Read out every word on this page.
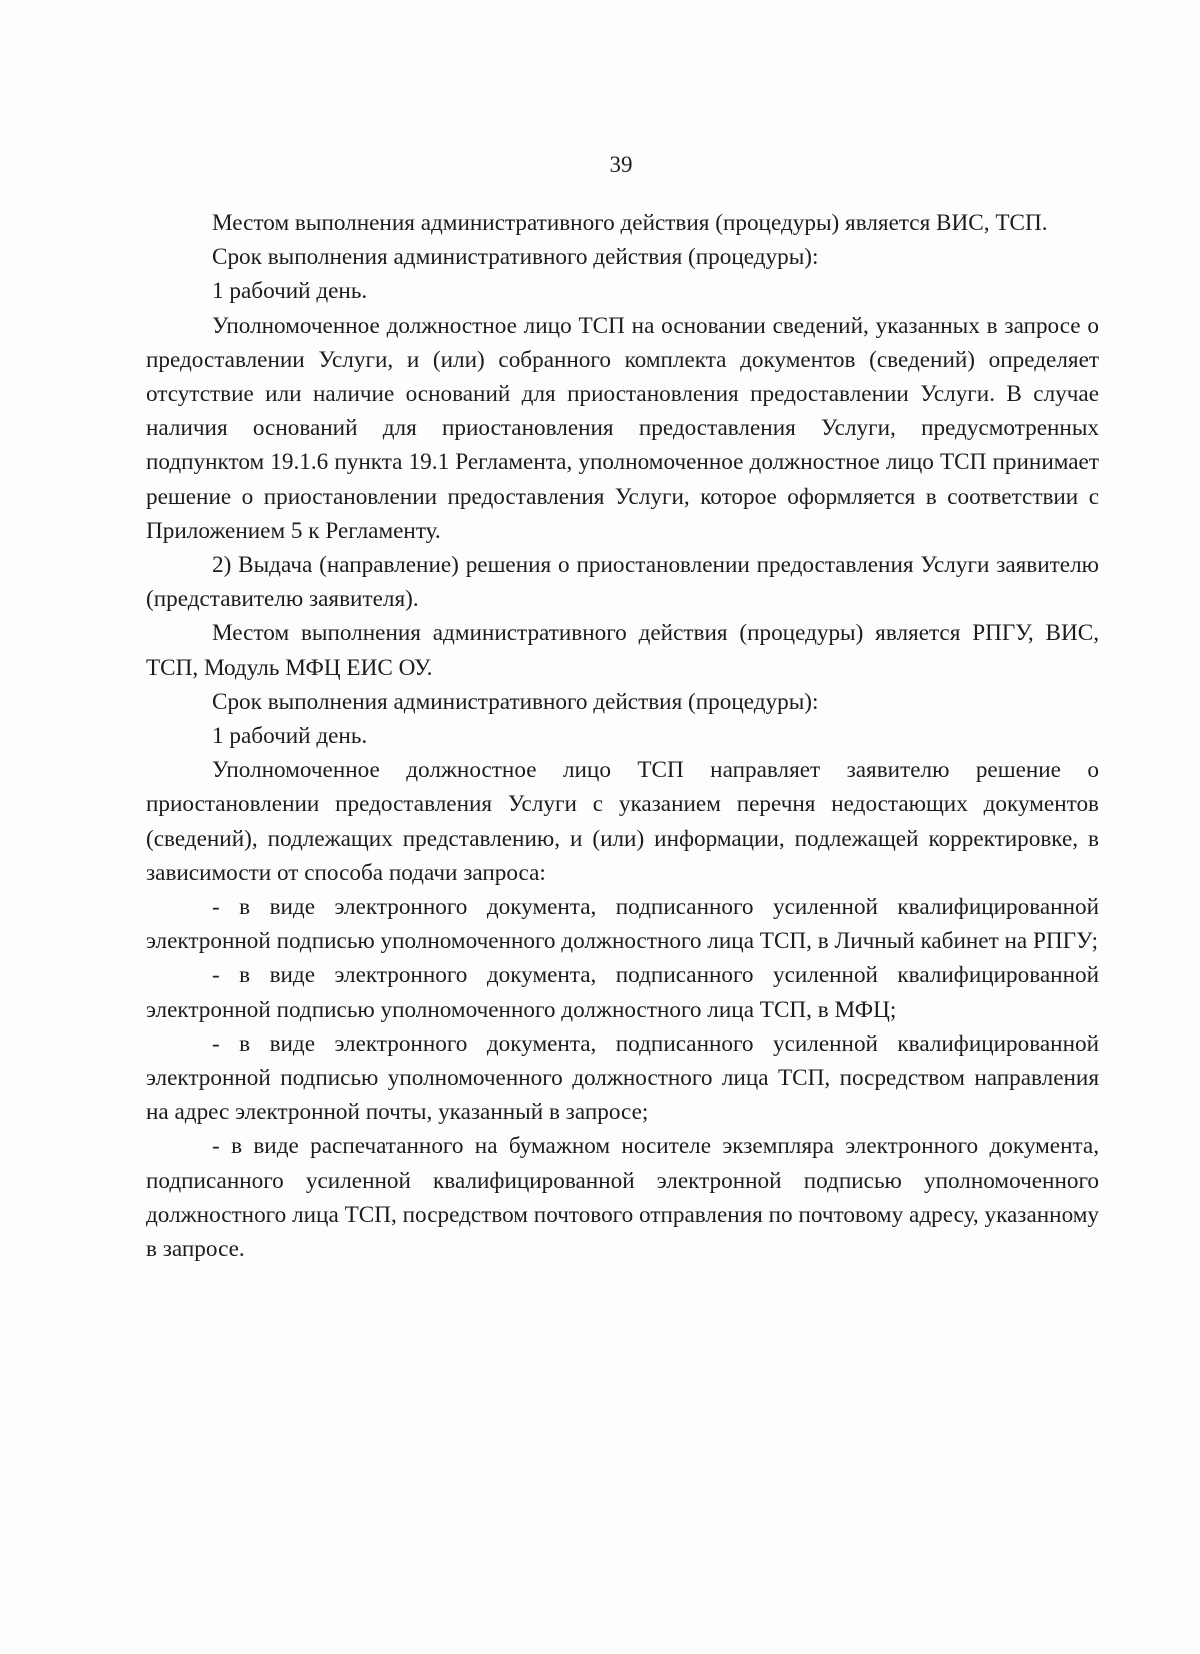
39

Местом выполнения административного действия (процедуры) является ВИС, ТСП.

Срок выполнения административного действия (процедуры):

1 рабочий день.

Уполномоченное должностное лицо ТСП на основании сведений, указанных в запросе о предоставлении Услуги, и (или) собранного комплекта документов (сведений) определяет отсутствие или наличие оснований для приостановления предоставлении Услуги. В случае наличия оснований для приостановления предоставления Услуги, предусмотренных подпунктом 19.1.6 пункта 19.1 Регламента, уполномоченное должностное лицо ТСП принимает решение о приостановлении предоставления Услуги, которое оформляется в соответствии с Приложением 5 к Регламенту.

2) Выдача (направление) решения о приостановлении предоставления Услуги заявителю (представителю заявителя).

Местом выполнения административного действия (процедуры) является РПГУ, ВИС, ТСП, Модуль МФЦ ЕИС ОУ.

Срок выполнения административного действия (процедуры):

1 рабочий день.

Уполномоченное должностное лицо ТСП направляет заявителю решение о приостановлении предоставления Услуги с указанием перечня недостающих документов (сведений), подлежащих представлению, и (или) информации, подлежащей корректировке, в зависимости от способа подачи запроса:

- в виде электронного документа, подписанного усиленной квалифицированной электронной подписью уполномоченного должностного лица ТСП, в Личный кабинет на РПГУ;

- в виде электронного документа, подписанного усиленной квалифицированной электронной подписью уполномоченного должностного лица ТСП, в МФЦ;

- в виде электронного документа, подписанного усиленной квалифицированной электронной подписью уполномоченного должностного лица ТСП, посредством направления на адрес электронной почты, указанный в запросе;

- в виде распечатанного на бумажном носителе экземпляра электронного документа, подписанного усиленной квалифицированной электронной подписью уполномоченного должностного лица ТСП, посредством почтового отправления по почтовому адресу, указанному в запросе.
